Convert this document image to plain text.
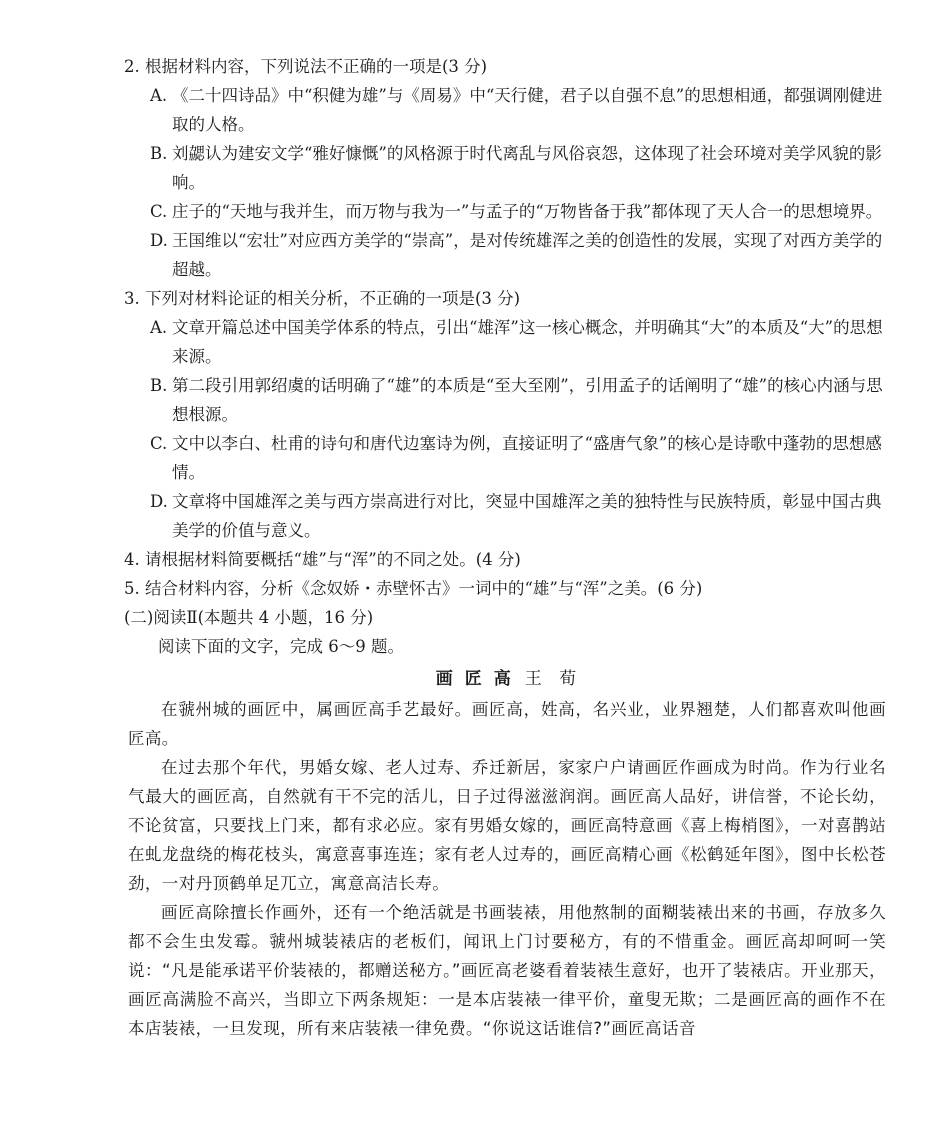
2. 根据材料内容，下列说法不正确的一项是(3 分)
A. 《二十四诗品》中“积健为雄”与《周易》中“天行健，君子以自强不息”的思想相通，都强调刚健进取的人格。
B. 刘勰认为建安文学“雅好慷慨”的风格源于时代离乱与风俗哀怨，这体现了社会环境对美学风貌的影响。
C. 庄子的“天地与我并生，而万物与我为一”与孟子的“万物皆备于我”都体现了天人合一的思想境界。
D. 王国维以“宏壮”对应西方美学的“崇高”，是对传统雄浑之美的创造性的发展，实现了对西方美学的超越。
3. 下列对材料论证的相关分析，不正确的一项是(3 分)
A. 文章开篇总述中国美学体系的特点，引出“雄浑”这一核心概念，并明确其“大”的本质及“大”的思想来源。
B. 第二段引用郭绍虞的话明确了“雄”的本质是“至大至刚”，引用孟子的话阐明了“雄”的核心内涵与思想根源。
C. 文中以李白、杜甫的诗句和唐代边塞诗为例，直接证明了“盛唐气象”的核心是诗歌中蓬勃的思想感情。
D. 文章将中国雄浑之美与西方崇高进行对比，突显中国雄浑之美的独特性与民族特质，彰显中国古典美学的价值与意义。
4. 请根据材料简要概括“雄”与“浑”的不同之处。(4 分)
5. 结合材料内容，分析《念奴娇・赤壁怀古》一词中的“雄”与“浑”之美。(6 分)
(二)阅读Ⅱ(本题共 4 小题，16 分)
阅读下面的文字，完成 6～9 题。
画匠高 王 荀
在虢州城的画匠中，属画匠高手艺最好。画匠高，姓高，名兴业，业界翘楚，人们都喜欢叫他画匠高。
在过去那个年代，男婚女嫁、老人过寿、乔迁新居，家家户户请画匠作画成为时尚。作为行业名气最大的画匠高，自然就有干不完的活儿，日子过得滋滋润润。画匠高人品好，讲信誉，不论长幼，不论贫富，只要找上门来，都有求必应。家有男婚女嫁的，画匠高特意画《喜上梅梢图》，一对喜鹊站在虬龙盘绕的梅花枝头，寓意喜事连连；家有老人过寿的，画匠高精心画《松鹤延年图》，图中长松苍劲，一对丹顶鹤单足兀立，寓意高洁长寿。
画匠高除擅长作画外，还有一个绝活就是书画装裱，用他熬制的面糊装裱出来的书画，存放多久都不会生虫发霉。虢州城装裱店的老板们，闻讯上门讨要秘方，有的不惜重金。画匠高却呵呵一笑说：“凡是能承诺平价装裱的，都赠送秘方。”画匠高老婆看着装裱生意好，也开了装裱店。开业那天，画匠高满脸不高兴，当即立下两条规矩：一是本店装裱一律平价，童叟无欺；二是画匠高的画作不在本店装裱，一旦发现，所有来店装裱一律免费。“你说这话谁信?”画匠高话音
